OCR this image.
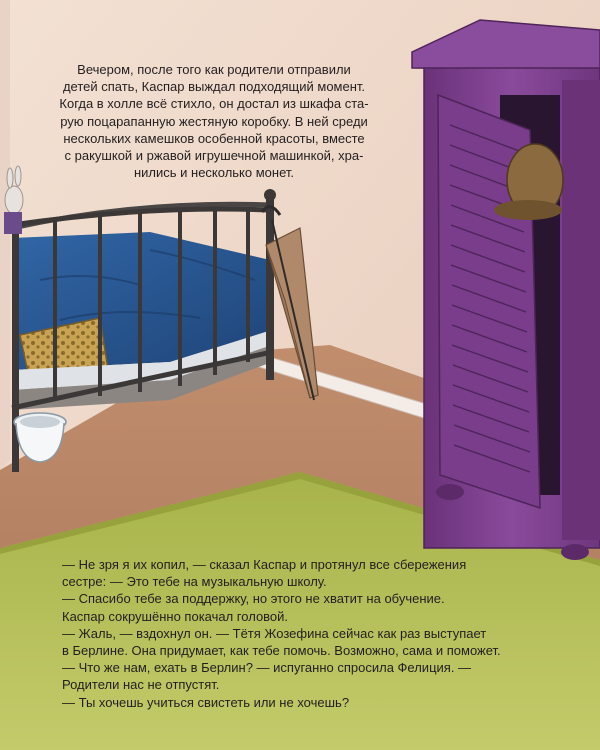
Вечером, после того как родители отправили
детей спать, Каспар выждал подходящий момент.
Когда в холле всё стихло, он достал из шкафа ста-
рую поцарапанную жестяную коробку. В ней среди
нескольких камешков особенной красоты, вместе
с ракушкой и ржавой игрушечной машинкой, хра-
нились и несколько монет.

— Не зря я их копил, — сказал Каспар и протянул все сбережения
сестре: — Это тебе на музыкальную школу.
— Спасибо тебе за поддержку, но этого не хватит на обучение.
Каспар сокрушённо покачал головой.
— Жаль, — вздохнул он. — Тётя Жозефина сейчас как раз выступает
в Берлине. Она придумает, как тебе помочь. Возможно, сама и поможет.
— Что же нам, ехать в Берлин? — испуганно спросила Фелиция. —
Родители нас не отпустят.
— Ты хочешь учиться свистеть или не хочешь?
